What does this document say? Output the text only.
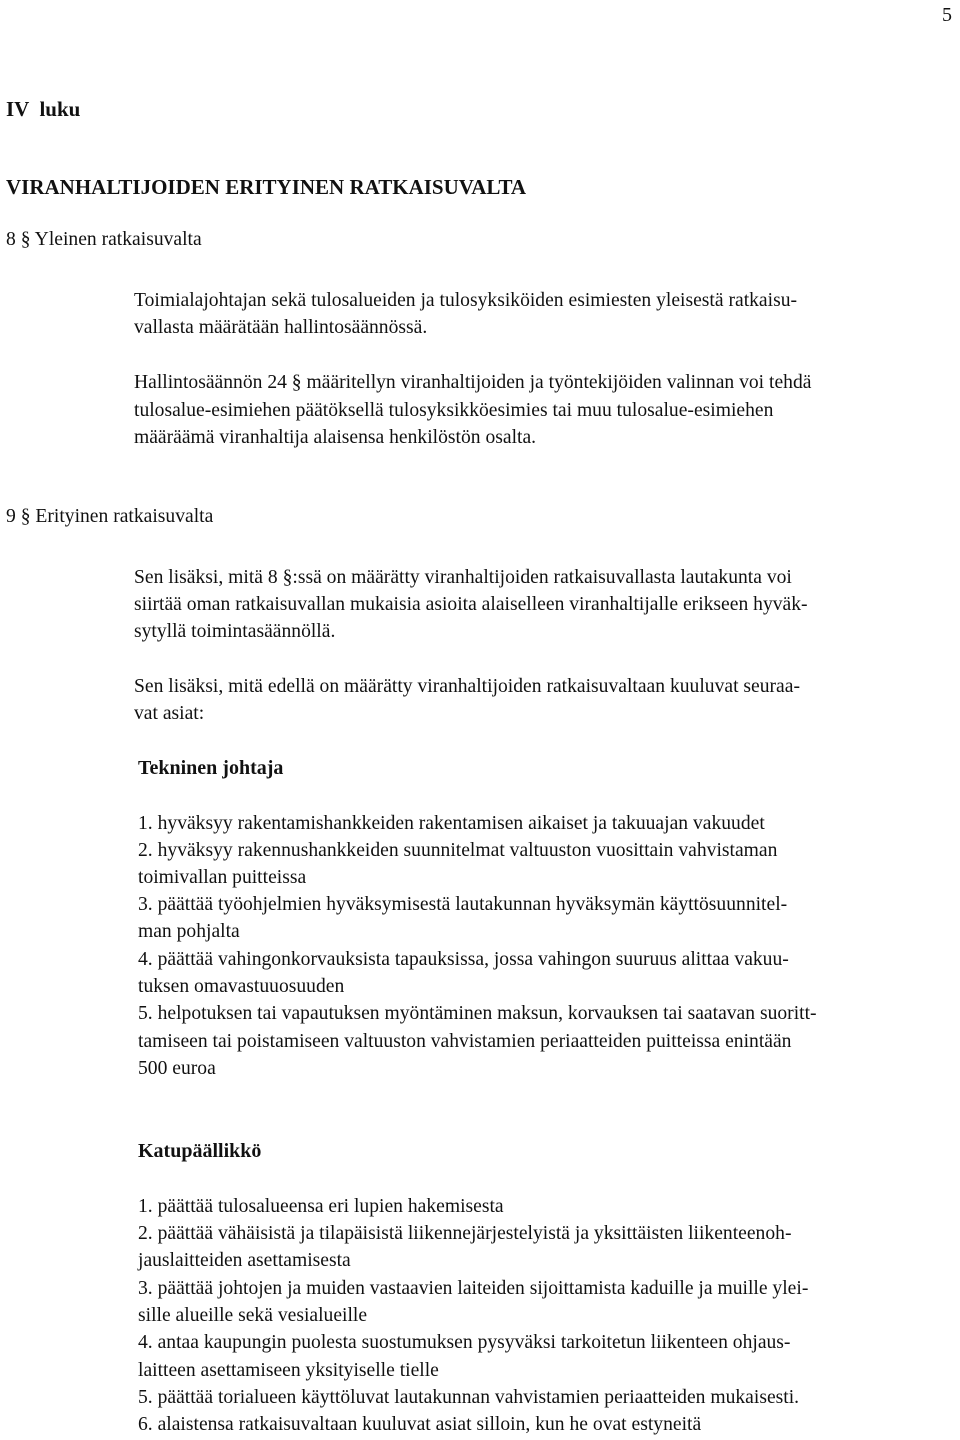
5
IV  luku
VIRANHALTIJOIDEN ERITYINEN RATKAISUVALTA
8 § Yleinen ratkaisuvalta
Toimialajohtajan sekä tulosalueiden ja tulosyksiköiden esimiesten yleisestä ratkaisu-
vallasta määrätään hallintosäännössä.
Hallintosäännön 24 § määritellyn viranhaltijoiden ja työntekijöiden valinnan voi tehdä
tulosalue-esimiehen päätöksellä tulosyksikköesimies tai muu tulosalue-esimiehen
määräämä viranhaltija alaisensa henkilöstön osalta.
9 § Erityinen ratkaisuvalta
Sen lisäksi, mitä 8 §:ssä on määrätty viranhaltijoiden ratkaisuvallasta lautakunta voi
siirtää oman ratkaisuvallan mukaisia asioita alaiselleen viranhaltijalle erikseen hyväk-
sytyllä toimintasäännöllä.
Sen lisäksi, mitä edellä on määrätty viranhaltijoiden ratkaisuvaltaan kuuluvat seuraa-
vat asiat:
Tekninen johtaja
1. hyväksyy rakentamishankkeiden rakentamisen aikaiset ja takuuajan vakuudet
2. hyväksyy rakennushankkeiden suunnitelmat valtuuston vuosittain vahvistaman
toimivallan puitteissa
3. päättää työohjelmien hyväksymisestä lautakunnan hyväksymän käyttösuunnitel-
man pohjalta
4. päättää vahingonkorvauksista tapauksissa, jossa vahingon suuruus alittaa vakuu-
tuksen omavastuuosuuden
5. helpotuksen tai vapautuksen myöntäminen maksun, korvauksen tai saatavan suoritt-
tamiseen tai poistamiseen valtuuston vahvistamien periaatteiden puitteissa enintään
500 euroa
Katupäällikkö
1. päättää tulosalueensa eri lupien hakemisesta
2. päättää vähäisistä ja tilapäisistä liikennejärjestelyistä ja yksittäisten liikenteenoh-
jauslaitteiden asettamisesta
3. päättää johtojen ja muiden vastaavien laiteiden sijoittamista kaduille ja muille ylei-
sille alueille sekä vesialueille
4. antaa kaupungin puolesta suostumuksen pysyväksi tarkoitetun liikenteen ohjaus-
laitteen asettamiseen yksityiselle tielle
5. päättää torialueen käyttöluvat lautakunnan vahvistamien periaatteiden mukaisesti.
6. alaistensa ratkaisuvaltaan kuuluvat asiat silloin, kun he ovat estyneitä
